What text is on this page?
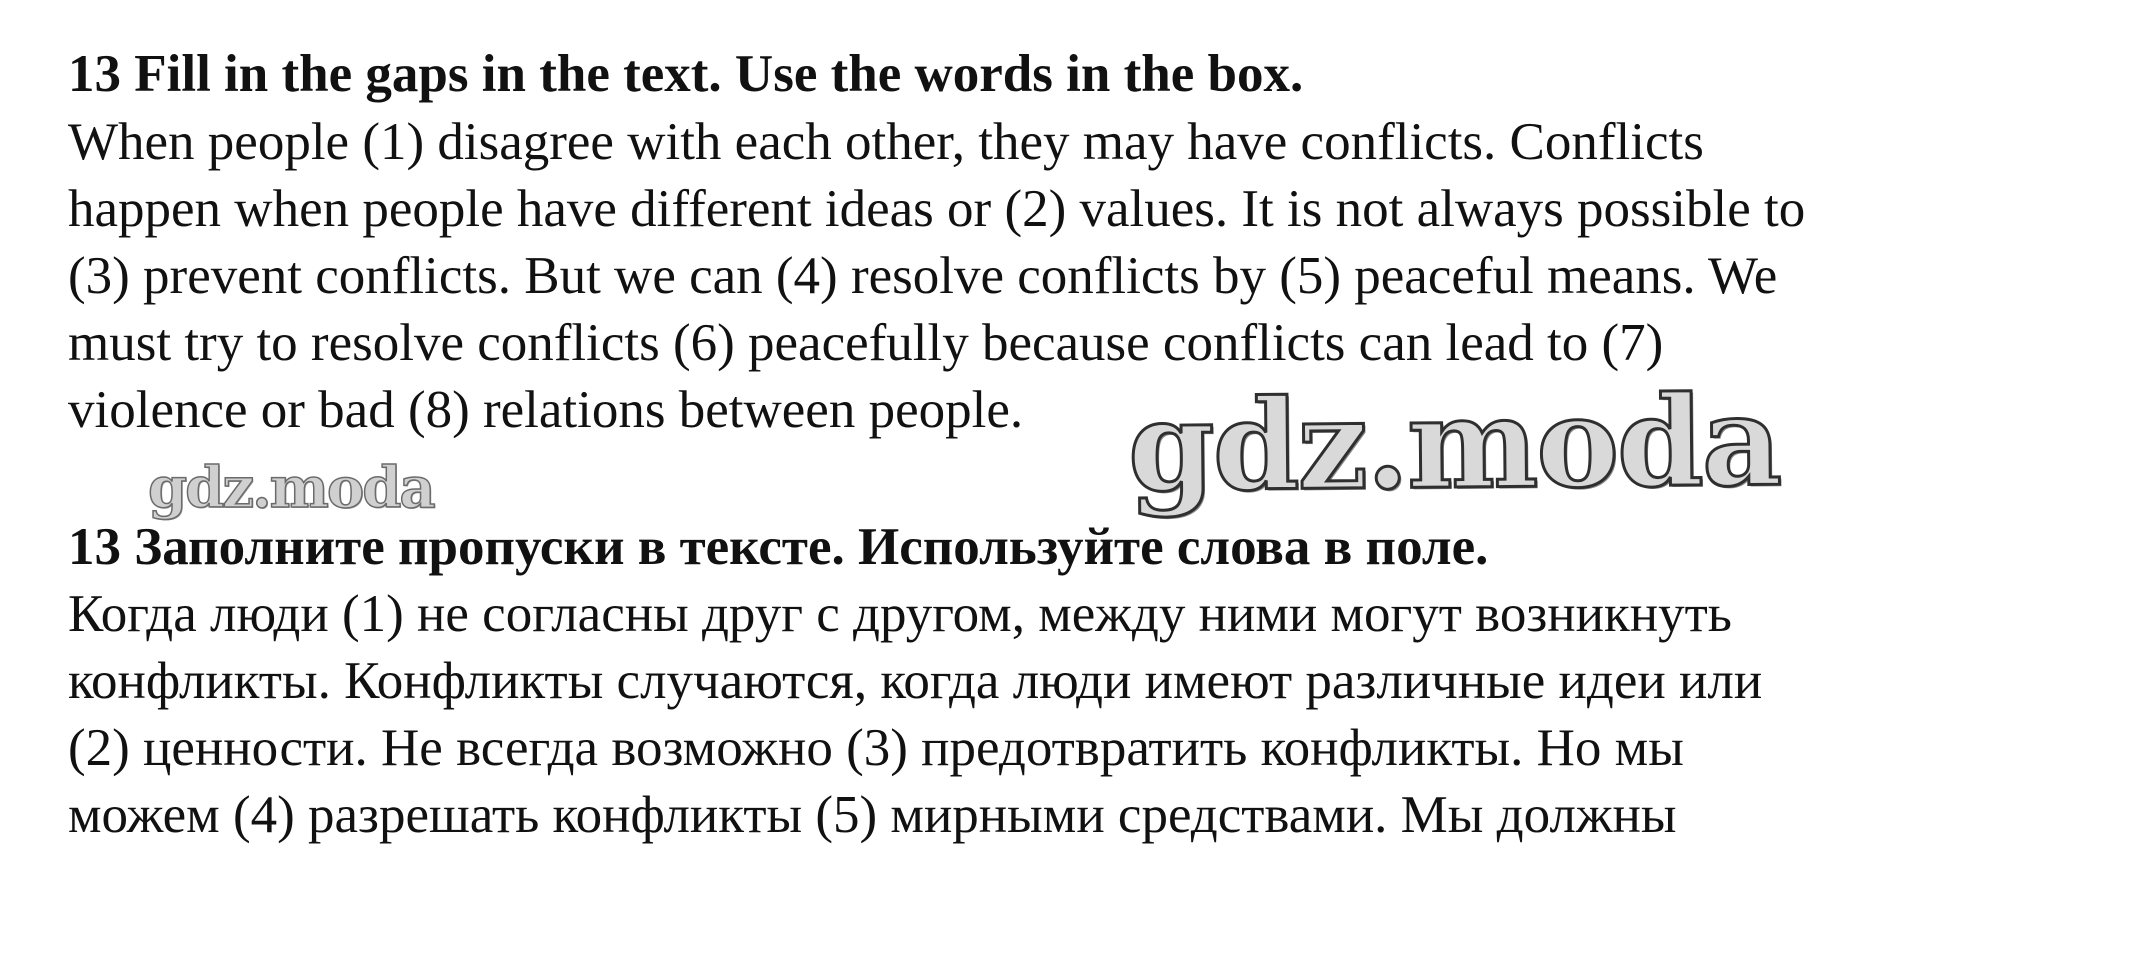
13 Fill in the gaps in the text. Use the words in the box.
When people (1) disagree with each other, they may have conflicts. Conflicts
happen when people have different ideas or (2) values. It is not always possible to
(3) prevent conflicts. But we can (4) resolve conflicts by (5) peaceful means. We
must try to resolve conflicts (6) peacefully because conflicts can lead to (7)
violence or bad (8) relations between people. gdz.moda
gdz.moda
13 Заполните пропуски в тексте. Используйте слова в поле.
Когда люди (1) не согласны друг с другом, между ними могут возникнуть
конфликты. Конфликты случаются, когда люди имеют различные идеи или
(2) ценности. Не всегда возможно (3) предотвратить конфликты. Но мы
можем (4) разрешать конфликты (5) мирными средствами. Мы должны
